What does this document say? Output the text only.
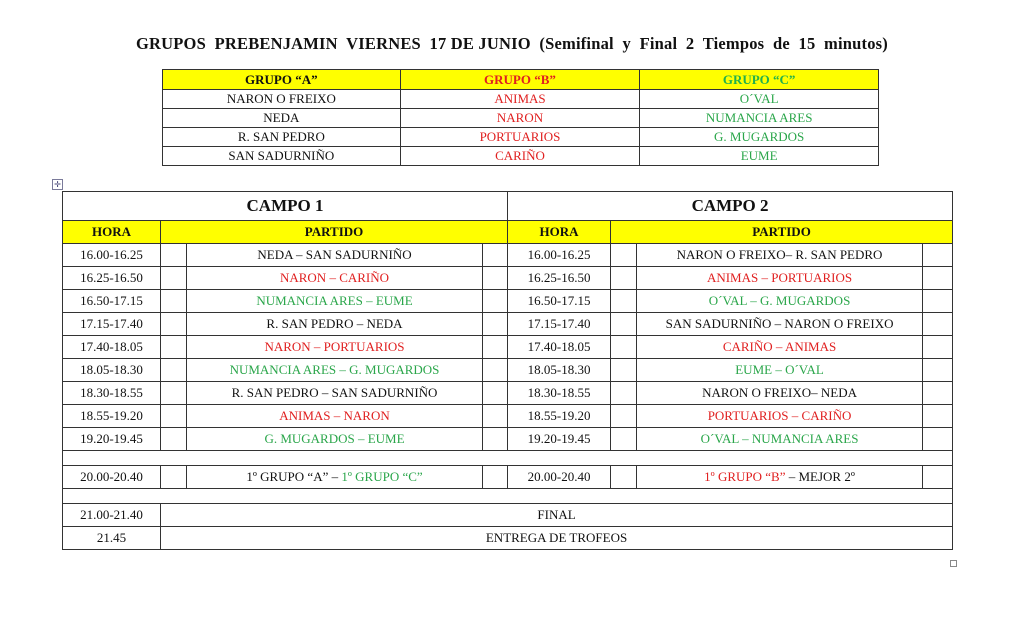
GRUPOS  PREBENJAMIN  VIERNES  17 DE JUNIO  (Semifinal  y  Final  2  Tiempos  de  15  minutos)
GRUPO “A”	GRUPO “B”	GRUPO “C”
NARON O FREIXO	ANIMAS	O´VAL
NEDA	NARON	NUMANCIA ARES
R. SAN PEDRO	PORTUARIOS	G. MUGARDOS
SAN SADURNIÑO	CARIÑO	EUME
✛
CAMPO 1				CAMPO 2			
HORA	PARTIDO			HORA	PARTIDO		
16.00-16.25		NEDA – SAN SADURNIÑO		16.00-16.25		NARON O FREIXO– R. SAN PEDRO	
16.25-16.50		NARON – CARIÑO		16.25-16.50		ANIMAS – PORTUARIOS	
16.50-17.15		NUMANCIA ARES – EUME		16.50-17.15		O´VAL – G. MUGARDOS	
17.15-17.40		R. SAN PEDRO – NEDA		17.15-17.40		SAN SADURNIÑO – NARON O FREIXO	
17.40-18.05		NARON – PORTUARIOS		17.40-18.05		CARIÑO – ANIMAS	
18.05-18.30		NUMANCIA ARES – G. MUGARDOS		18.05-18.30		EUME – O´VAL	
18.30-18.55		R. SAN PEDRO – SAN SADURNIÑO		18.30-18.55		NARON O FREIXO– NEDA	
18.55-19.20		ANIMAS – NARON		18.55-19.20		PORTUARIOS – CARIÑO	
19.20-19.45		G. MUGARDOS – EUME		19.20-19.45		O´VAL – NUMANCIA ARES	

20.00-20.40		1º GRUPO “A” – 1º GRUPO “C”		20.00-20.40		1º GRUPO “B” – MEJOR 2º	

21.00-21.40	FINAL						
21.45	ENTREGA DE TROFEOS						
